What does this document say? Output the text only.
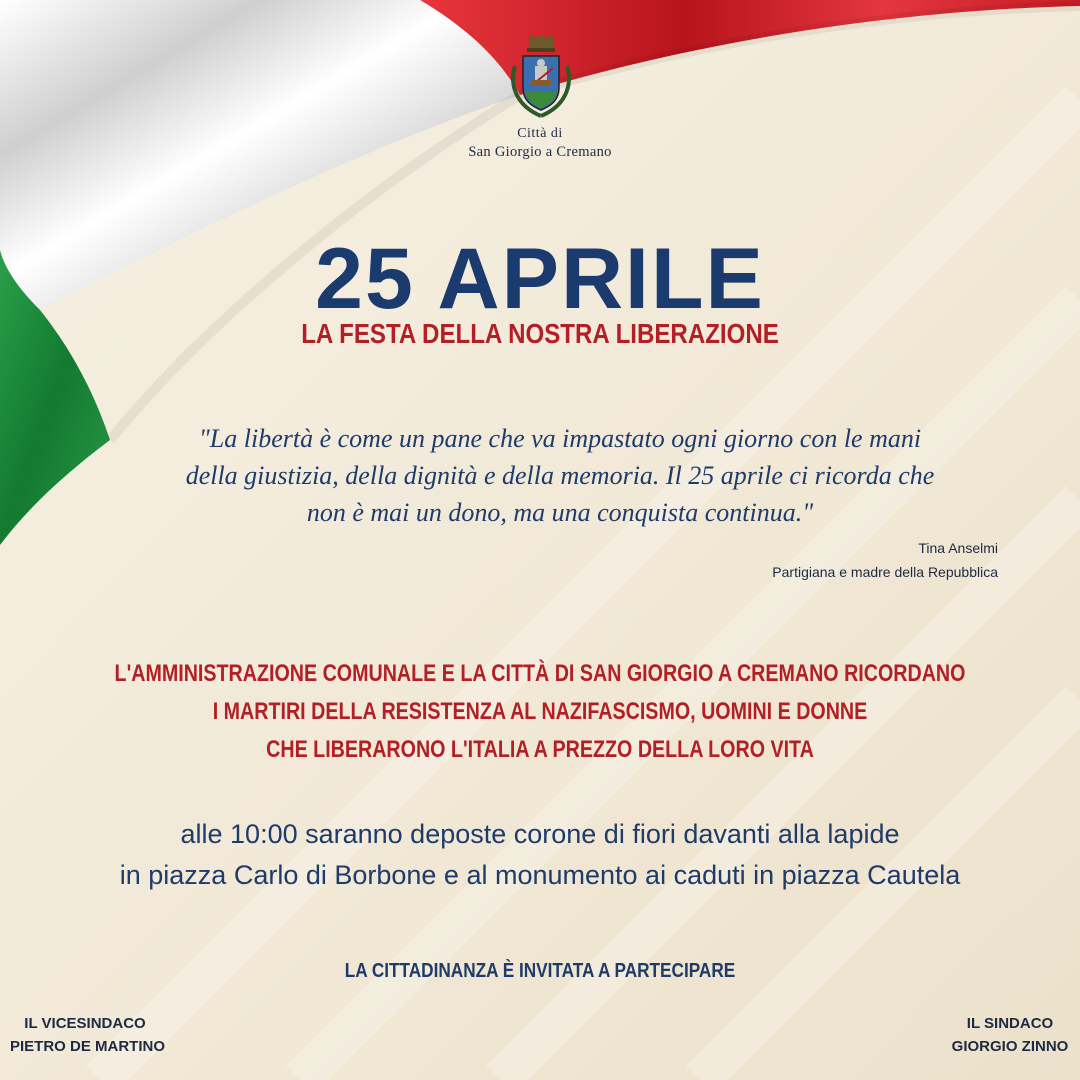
Città di
San Giorgio a Cremano
25 APRILE
LA FESTA DELLA NOSTRA LIBERAZIONE
"La libertà è come un pane che va impastato ogni giorno con le mani
della giustizia, della dignità e della memoria. Il 25 aprile ci ricorda che
non è mai un dono, ma una conquista continua."
Tina Anselmi
Partigiana e madre della Repubblica
L'AMMINISTRAZIONE COMUNALE E LA CITTÀ DI SAN GIORGIO A CREMANO RICORDANO
I MARTIRI DELLA RESISTENZA AL NAZIFASCISMO, UOMINI E DONNE
CHE LIBERARONO L'ITALIA A PREZZO DELLA LORO VITA
alle 10:00 saranno deposte corone di fiori davanti alla lapide
in piazza Carlo di Borbone e al monumento ai caduti in piazza Cautela
LA CITTADINANZA È INVITATA A PARTECIPARE
IL VICESINDACO
PIETRO DE MARTINO
IL SINDACO
GIORGIO ZINNO
